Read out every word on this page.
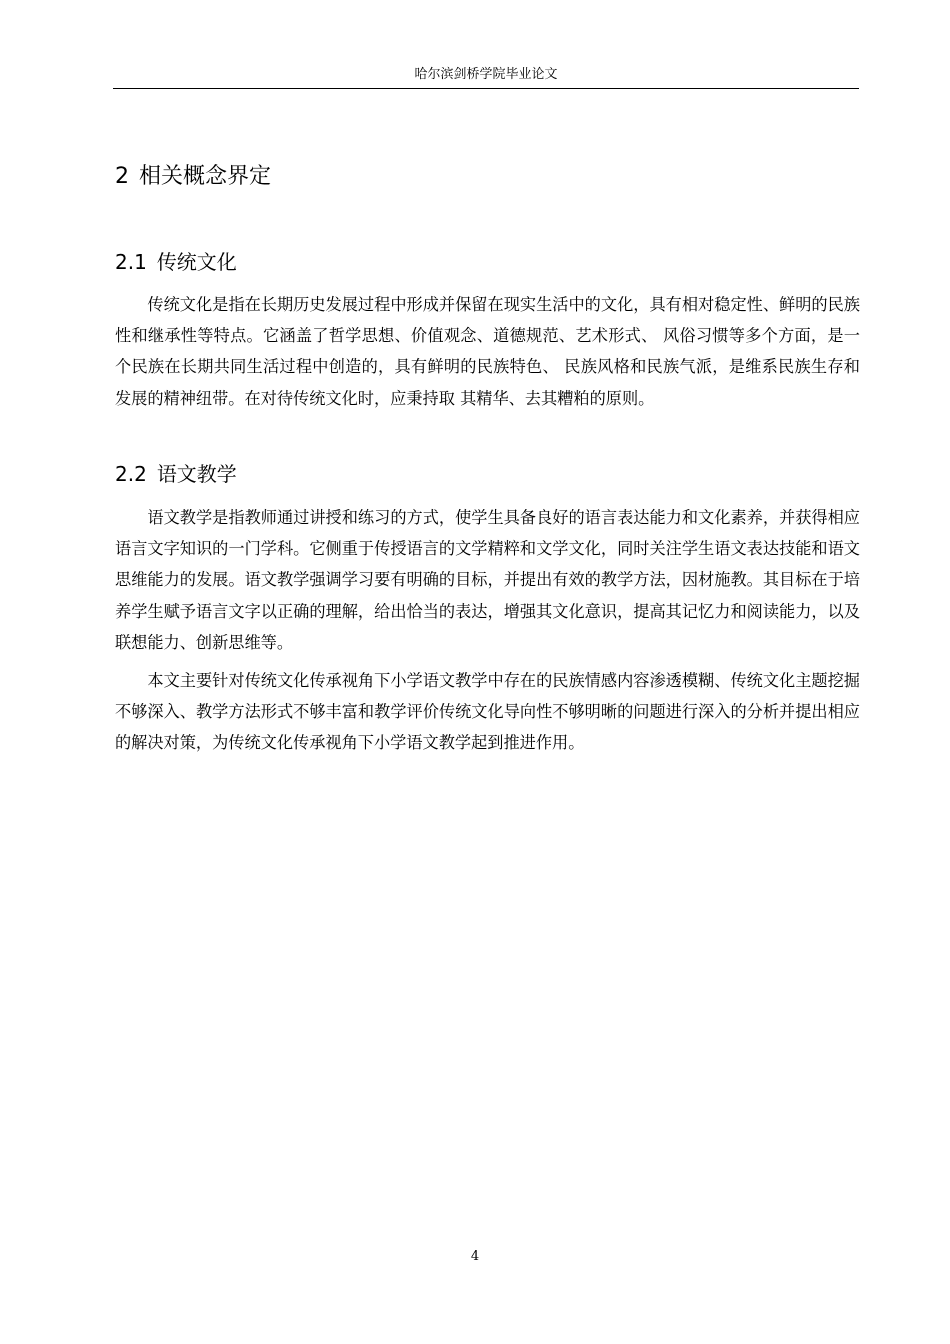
哈尔滨剑桥学院毕业论文
2 相关概念界定
2.1 传统文化

传统文化是指在长期历史发展过程中形成并保留在现实生活中的文化，具有相对稳定性、鲜明的民族性和继承性等特点。它涵盖了哲学思想、价值观念、道德规范、艺术形式、 风俗习惯等多个方面，是一个民族在长期共同生活过程中创造的，具有鲜明的民族特色、 民族风格和民族气派，是维系民族生存和发展的精神纽带。在对待传统文化时，应秉持取 其精华、去其糟粕的原则。

2.2 语文教学

语文教学是指教师通过讲授和练习的方式，使学生具备良好的语言表达能力和文化素养，并获得相应语言文字知识的一门学科。它侧重于传授语言的文学精粹和文学文化，同时关注学生语文表达技能和语文思维能力的发展。语文教学强调学习要有明确的目标，并提出有效的教学方法，因材施教。其目标在于培养学生赋予语言文字以正确的理解，给出恰当的表达，增强其文化意识，提高其记忆力和阅读能力，以及联想能力、创新思维等。

本文主要针对传统文化传承视角下小学语文教学中存在的民族情感内容渗透模糊、传统文化主题挖掘不够深入、教学方法形式不够丰富和教学评价传统文化导向性不够明晰的问题进行深入的分析并提出相应的解决对策，为传统文化传承视角下小学语文教学起到推进作用。

4
